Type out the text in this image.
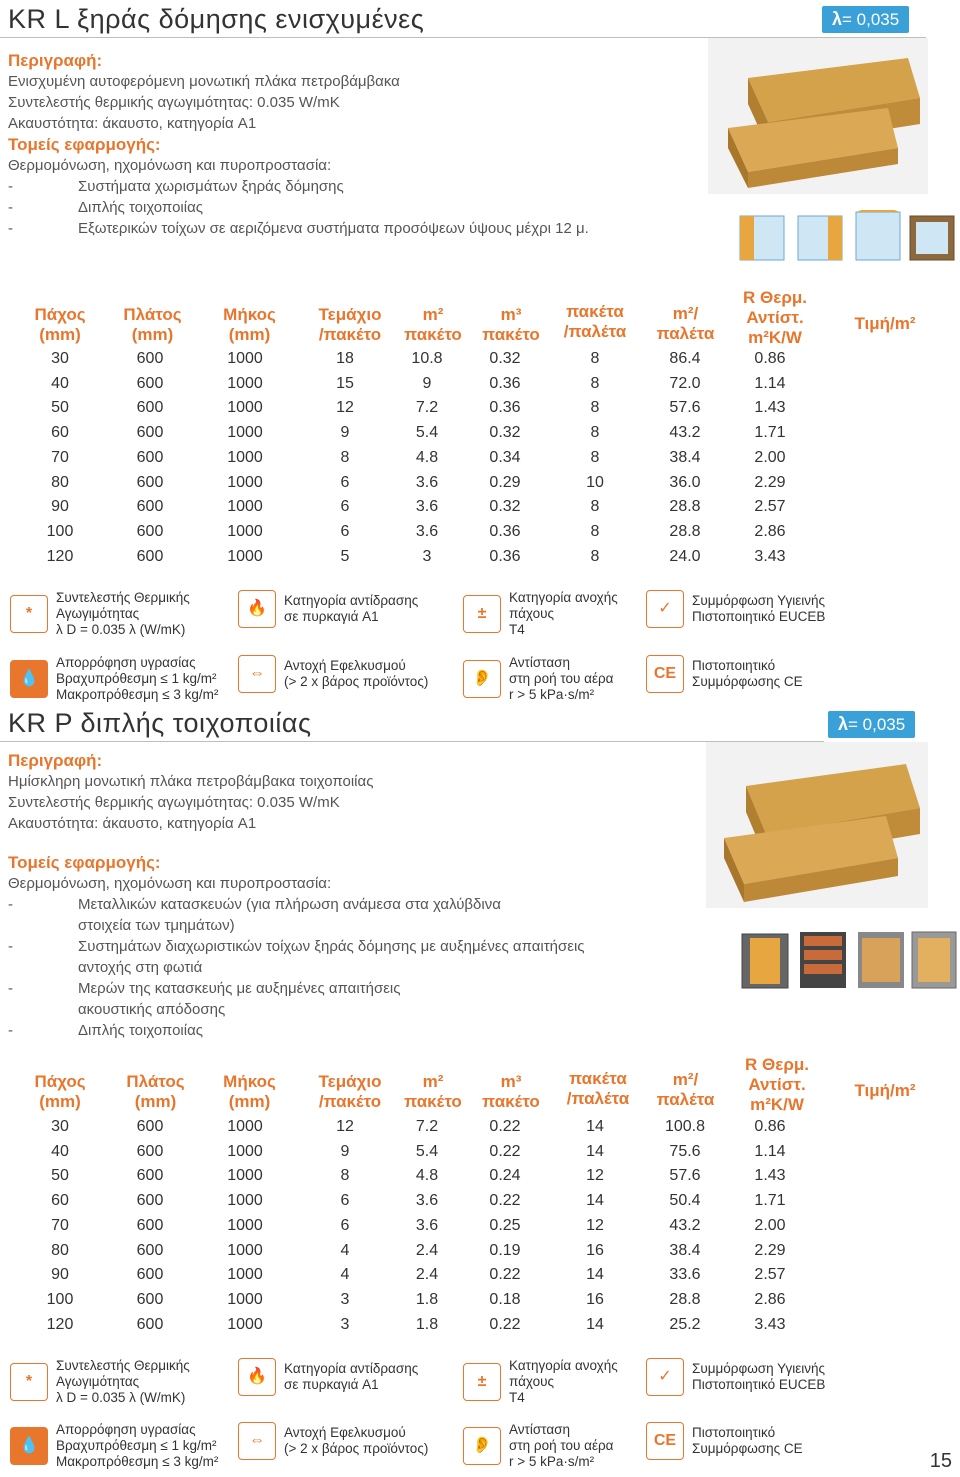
KR L ξηράς δόμησης ενισχυμένες	λ= 0,035
Περιγραφή:
Ενισχυμένη αυτοφερόμενη μονωτική πλάκα πετροβάμβακα
Συντελεστής θερμικής αγωγιμότητας: 0.035 W/mK
Ακαυστότητα: άκαυστο, κατηγορία A1
Τομείς εφαρμογής:
Θερμομόνωση, ηχομόνωση και πυροπροστασία:
-	Συστήματα χωρισμάτων ξηράς δόμησης
-	Διπλής τοιχοποιίας
-	Εξωτερικών τοίχων σε αεριζόμενα συστήματα προσόψεων ύψους μέχρι 12 μ.
Πάχος
(mm)
Πλάτος
(mm)
Μήκος
(mm)
Τεμάχιο
/πακέτο
m²
πακέτο
m³
πακέτο
πακέτα
/παλέτα
m²/
παλέτα
R Θερμ.
Αντίστ.
m²K/W
Τιμή/m²
30	600	1000	18	10.8	0.32	8	86.4	0.86
40	600	1000	15	9	0.36	8	72.0	1.14
50	600	1000	12	7.2	0.36	8	57.6	1.43
60	600	1000	9	5.4	0.32	8	43.2	1.71
70	600	1000	8	4.8	0.34	8	38.4	2.00
80	600	1000	6	3.6	0.29	10	36.0	2.29
90	600	1000	6	3.6	0.32	8	28.8	2.57
100	600	1000	6	3.6	0.36	8	28.8	2.86
120	600	1000	5	3	0.36	8	24.0	3.43
*
Συντελεστής Θερμικής
Αγωγιμότητας
λ D = 0.035 λ (W/mK)
🔥	Κατηγορία αντίδρασης
σε πυρκαγιά A1	±
Κατηγορία ανοχής
πάχους
T4
✓	Συμμόρφωση Υγιεινής
Πιστοποιητικό EUCEB
💧
Απορρόφηση υγρασίας
Βραχυπρόθεσμη ≤ 1 kg/m²
Μακροπρόθεσμη ≤ 3 kg/m²
⇔	Αντοχή Εφελκυσμού
(> 2 x βάρος προϊόντος)	👂
Αντίσταση
στη ροή του αέρα
r > 5 kPa·s/m²
CE	Πιστοποιητικό
Συμμόρφωσης CE
KR P διπλής τοιχοποιίας	λ= 0,035
Περιγραφή:
Ημίσκληρη μονωτική πλάκα πετροβάμβακα τοιχοποιίας
Συντελεστής θερμικής αγωγιμότητας: 0.035 W/mK
Ακαυστότητα: άκαυστο, κατηγορία A1
Τομείς εφαρμογής:
Θερμομόνωση, ηχομόνωση και πυροπροστασία:
-	Μεταλλικών κατασκευών (για πλήρωση ανάμεσα στα χαλύβδινα
στοιχεία των τμημάτων)
-	Συστημάτων διαχωριστικών τοίχων ξηράς δόμησης με αυξημένες απαιτήσεις
αντοχής στη φωτιά
-	Μερών της κατασκευής με αυξημένες απαιτήσεις
ακουστικής απόδοσης
-	Διπλής τοιχοποιίας
Πάχος
(mm)
Πλάτος
(mm)
Μήκος
(mm)
Τεμάχιο
/πακέτο
m²
πακέτο
m³
πακέτο
πακέτα
/παλέτα
m²/
παλέτα
R Θερμ.
Αντίστ.
m²K/W
Τιμή/m²
30	600	1000	12	7.2	0.22	14	100.8	0.86
40	600	1000	9	5.4	0.22	14	75.6	1.14
50	600	1000	8	4.8	0.24	12	57.6	1.43
60	600	1000	6	3.6	0.22	14	50.4	1.71
70	600	1000	6	3.6	0.25	12	43.2	2.00
80	600	1000	4	2.4	0.19	16	38.4	2.29
90	600	1000	4	2.4	0.22	14	33.6	2.57
100	600	1000	3	1.8	0.18	16	28.8	2.86
120	600	1000	3	1.8	0.22	14	25.2	3.43
*
Συντελεστής Θερμικής
Αγωγιμότητας
λ D = 0.035 λ (W/mK)
🔥	Κατηγορία αντίδρασης
σε πυρκαγιά A1	±
Κατηγορία ανοχής
πάχους
T4
✓	Συμμόρφωση Υγιεινής
Πιστοποιητικό EUCEB
💧
Απορρόφηση υγρασίας
Βραχυπρόθεσμη ≤ 1 kg/m²
Μακροπρόθεσμη ≤ 3 kg/m²
⇔	Αντοχή Εφελκυσμού
(> 2 x βάρος προϊόντος)	👂
Αντίσταση
στη ροή του αέρα
r > 5 kPa·s/m²
CE	Πιστοποιητικό
Συμμόρφωσης CE
15
